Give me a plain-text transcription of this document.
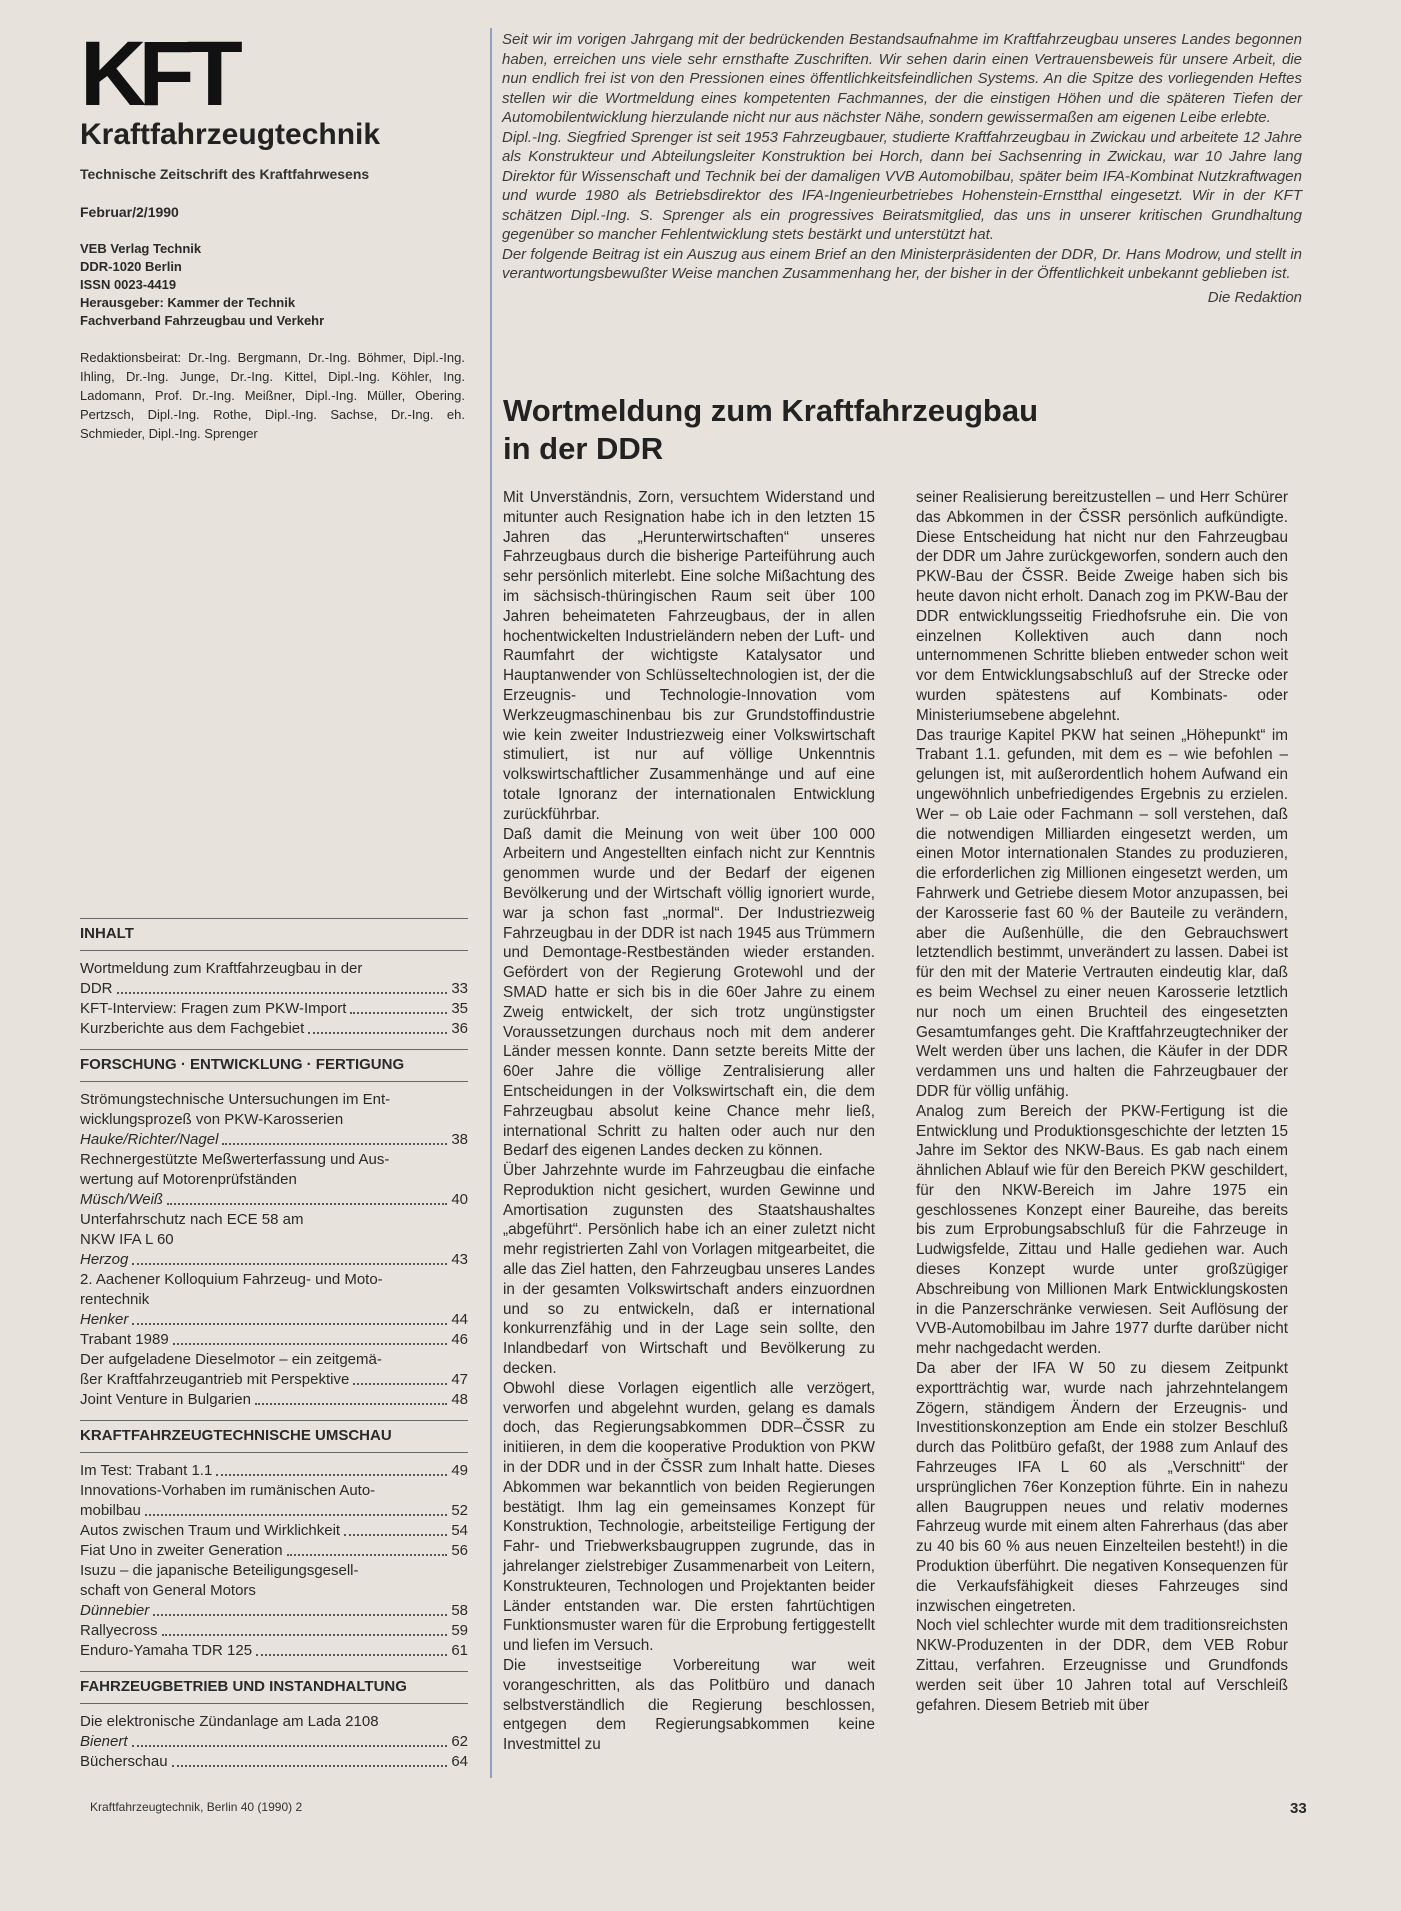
KFT
Kraftfahrzeugtechnik
Technische Zeitschrift des Kraftfahrwesens
Februar/2/1990
VEB Verlag Technik
DDR-1020 Berlin
ISSN 0023-4419
Herausgeber: Kammer der Technik
Fachverband Fahrzeugbau und Verkehr
Redaktionsbeirat: Dr.-Ing. Bergmann, Dr.-Ing. Böhmer, Dipl.-Ing. Ihling, Dr.-Ing. Junge, Dr.-Ing. Kittel, Dipl.-Ing. Köhler, Ing. Ladomann, Prof. Dr.-Ing. Meißner, Dipl.-Ing. Müller, Obering. Pertzsch, Dipl.-Ing. Rothe, Dipl.-Ing. Sachse, Dr.-Ing. eh. Schmieder, Dipl.-Ing. Sprenger
INHALT
Wortmeldung zum Kraftfahrzeugbau in der
DDR	33
KFT-Interview: Fragen zum PKW-Import	35
Kurzberichte aus dem Fachgebiet	36
FORSCHUNG · ENTWICKLUNG · FERTIGUNG
Strömungstechnische Untersuchungen im Ent-
wicklungsprozeß von PKW-Karosserien
Hauke/Richter/Nagel	38
Rechnergestützte Meßwerterfassung und Aus-
wertung auf Motorenprüfständen
Müsch/Weiß	40
Unterfahrschutz nach ECE 58 am
NKW IFA L 60
Herzog	43
2. Aachener Kolloquium Fahrzeug- und Moto-
rentechnik
Henker	44
Trabant 1989	46
Der aufgeladene Dieselmotor – ein zeitgemä-
ßer Kraftfahrzeugantrieb mit Perspektive	47
Joint Venture in Bulgarien	48
KRAFTFAHRZEUGTECHNISCHE UMSCHAU
Im Test: Trabant 1.1	49
Innovations-Vorhaben im rumänischen Auto-
mobilbau	52
Autos zwischen Traum und Wirklichkeit	54
Fiat Uno in zweiter Generation	56
Isuzu – die japanische Beteiligungsgesell-
schaft von General Motors
Dünnebier	58
Rallyecross	59
Enduro-Yamaha TDR 125	61
FAHRZEUGBETRIEB UND INSTANDHALTUNG
Die elektronische Zündanlage am Lada 2108
Bienert	62
Bücherschau	64

Seit wir im vorigen Jahrgang mit der bedrückenden Bestandsaufnahme im Kraftfahrzeugbau unseres Landes begonnen haben, erreichen uns viele sehr ernsthafte Zuschriften. Wir sehen darin einen Vertrauensbeweis für unsere Arbeit, die nun endlich frei ist von den Pressionen eines öffentlichkeitsfeindlichen Systems. An die Spitze des vorliegenden Heftes stellen wir die Wortmeldung eines kompetenten Fachmannes, der die einstigen Höhen und die späteren Tiefen der Automobilentwicklung hierzulande nicht nur aus nächster Nähe, sondern gewissermaßen am eigenen Leibe erlebte.

Dipl.-Ing. Siegfried Sprenger ist seit 1953 Fahrzeugbauer, studierte Kraftfahrzeugbau in Zwickau und arbeitete 12 Jahre als Konstrukteur und Abteilungsleiter Konstruktion bei Horch, dann bei Sachsenring in Zwickau, war 10 Jahre lang Direktor für Wissenschaft und Technik bei der damaligen VVB Automobilbau, später beim IFA-Kombinat Nutzkraftwagen und wurde 1980 als Betriebsdirektor des IFA-Ingenieurbetriebes Hohenstein-Ernstthal eingesetzt. Wir in der KFT schätzen Dipl.-Ing. S. Sprenger als ein progressives Beiratsmitglied, das uns in unserer kritischen Grundhaltung gegenüber so mancher Fehlentwicklung stets bestärkt und unterstützt hat.

Der folgende Beitrag ist ein Auszug aus einem Brief an den Ministerpräsidenten der DDR, Dr. Hans Modrow, und stellt in verantwortungsbewußter Weise manchen Zusammenhang her, der bisher in der Öffentlichkeit unbekannt geblieben ist.

Die Redaktion

Wortmeldung zum Kraftfahrzeugbau
in der DDR

Mit Unverständnis, Zorn, versuchtem Widerstand und mitunter auch Resignation habe ich in den letzten 15 Jahren das „Herunterwirtschaften“ unseres Fahrzeugbaus durch die bisherige Parteiführung auch sehr persönlich miterlebt. Eine solche Mißachtung des im sächsisch-thüringischen Raum seit über 100 Jahren beheimateten Fahrzeugbaus, der in allen hochentwickelten Industrieländern neben der Luft- und Raumfahrt der wichtigste Katalysator und Hauptanwender von Schlüsseltechnologien ist, der die Erzeugnis- und Technologie-Innovation vom Werkzeugmaschinenbau bis zur Grundstoffindustrie wie kein zweiter Industriezweig einer Volkswirtschaft stimuliert, ist nur auf völlige Unkenntnis volkswirtschaftlicher Zusammenhänge und auf eine totale Ignoranz der internationalen Entwicklung zurückführbar.

Daß damit die Meinung von weit über 100 000 Arbeitern und Angestellten einfach nicht zur Kenntnis genommen wurde und der Bedarf der eigenen Bevölkerung und der Wirtschaft völlig ignoriert wurde, war ja schon fast „normal“. Der Industriezweig Fahrzeugbau in der DDR ist nach 1945 aus Trümmern und Demontage-Restbeständen wieder erstanden. Gefördert von der Regierung Grotewohl und der SMAD hatte er sich bis in die 60er Jahre zu einem Zweig entwickelt, der sich trotz ungünstigster Voraussetzungen durchaus noch mit dem anderer Länder messen konnte. Dann setzte bereits Mitte der 60er Jahre die völlige Zentralisierung aller Entscheidungen in der Volkswirtschaft ein, die dem Fahrzeugbau absolut keine Chance mehr ließ, international Schritt zu halten oder auch nur den Bedarf des eigenen Landes decken zu können.

Über Jahrzehnte wurde im Fahrzeugbau die einfache Reproduktion nicht gesichert, wurden Gewinne und Amortisation zugunsten des Staatshaushaltes „abgeführt“. Persönlich habe ich an einer zuletzt nicht mehr registrierten Zahl von Vorlagen mitgearbeitet, die alle das Ziel hatten, den Fahrzeugbau unseres Landes in der gesamten Volkswirtschaft anders einzuordnen und so zu entwickeln, daß er international konkurrenzfähig und in der Lage sein sollte, den Inlandbedarf von Wirtschaft und Bevölkerung zu decken.

Obwohl diese Vorlagen eigentlich alle verzögert, verworfen und abgelehnt wurden, gelang es damals doch, das Regierungsabkommen DDR–ČSSR zu initiieren, in dem die kooperative Produktion von PKW in der DDR und in der ČSSR zum Inhalt hatte. Dieses Abkommen war bekanntlich von beiden Regierungen bestätigt. Ihm lag ein gemeinsames Konzept für Konstruktion, Technologie, arbeitsteilige Fertigung der Fahr- und Triebwerksbaugruppen zugrunde, das in jahrelanger zielstrebiger Zusammenarbeit von Leitern, Konstrukteuren, Technologen und Projektanten beider Länder entstanden war. Die ersten fahrtüchtigen Funktionsmuster waren für die Erprobung fertiggestellt und liefen im Versuch.

Die investseitige Vorbereitung war weit vorangeschritten, als das Politbüro und danach selbstverständlich die Regierung beschlossen, entgegen dem Regierungsabkommen keine Investmittel zu

seiner Realisierung bereitzustellen – und Herr Schürer das Abkommen in der ČSSR persönlich aufkündigte. Diese Entscheidung hat nicht nur den Fahrzeugbau der DDR um Jahre zurückgeworfen, sondern auch den PKW-Bau der ČSSR. Beide Zweige haben sich bis heute davon nicht erholt. Danach zog im PKW-Bau der DDR entwicklungsseitig Friedhofsruhe ein. Die von einzelnen Kollektiven auch dann noch unternommenen Schritte blieben entweder schon weit vor dem Entwicklungsabschluß auf der Strecke oder wurden spätestens auf Kombinats- oder Ministeriumsebene abgelehnt.

Das traurige Kapitel PKW hat seinen „Höhepunkt“ im Trabant 1.1. gefunden, mit dem es – wie befohlen – gelungen ist, mit außerordentlich hohem Aufwand ein ungewöhnlich unbefriedigendes Ergebnis zu erzielen. Wer – ob Laie oder Fachmann – soll verstehen, daß die notwendigen Milliarden eingesetzt werden, um einen Motor internationalen Standes zu produzieren, die erforderlichen zig Millionen eingesetzt werden, um Fahrwerk und Getriebe diesem Motor anzupassen, bei der Karosserie fast 60 % der Bauteile zu verändern, aber die Außenhülle, die den Gebrauchswert letztendlich bestimmt, unverändert zu lassen. Dabei ist für den mit der Materie Vertrauten eindeutig klar, daß es beim Wechsel zu einer neuen Karosserie letztlich nur noch um einen Bruchteil des eingesetzten Gesamtumfanges geht. Die Kraftfahrzeugtechniker der Welt werden über uns lachen, die Käufer in der DDR verdammen uns und halten die Fahrzeugbauer der DDR für völlig unfähig.

Analog zum Bereich der PKW-Fertigung ist die Entwicklung und Produktionsgeschichte der letzten 15 Jahre im Sektor des NKW-Baus. Es gab nach einem ähnlichen Ablauf wie für den Bereich PKW geschildert, für den NKW-Bereich im Jahre 1975 ein geschlossenes Konzept einer Baureihe, das bereits bis zum Erprobungsabschluß für die Fahrzeuge in Ludwigsfelde, Zittau und Halle gediehen war. Auch dieses Konzept wurde unter großzügiger Abschreibung von Millionen Mark Entwicklungskosten in die Panzerschränke verwiesen. Seit Auflösung der VVB-Automobilbau im Jahre 1977 durfte darüber nicht mehr nachgedacht werden.

Da aber der IFA W 50 zu diesem Zeitpunkt exportträchtig war, wurde nach jahrzehntelangem Zögern, ständigem Ändern der Erzeugnis- und Investitionskonzeption am Ende ein stolzer Beschluß durch das Politbüro gefaßt, der 1988 zum Anlauf des Fahrzeuges IFA L 60 als „Verschnitt“ der ursprünglichen 76er Konzeption führte. Ein in nahezu allen Baugruppen neues und relativ modernes Fahrzeug wurde mit einem alten Fahrerhaus (das aber zu 40 bis 60 % aus neuen Einzelteilen besteht!) in die Produktion überführt. Die negativen Konsequenzen für die Verkaufsfähigkeit dieses Fahrzeuges sind inzwischen eingetreten.

Noch viel schlechter wurde mit dem traditionsreichsten NKW-Produzenten in der DDR, dem VEB Robur Zittau, verfahren. Erzeugnisse und Grundfonds werden seit über 10 Jahren total auf Verschleiß gefahren. Diesem Betrieb mit über

Kraftfahrzeugtechnik, Berlin 40 (1990) 2	33
